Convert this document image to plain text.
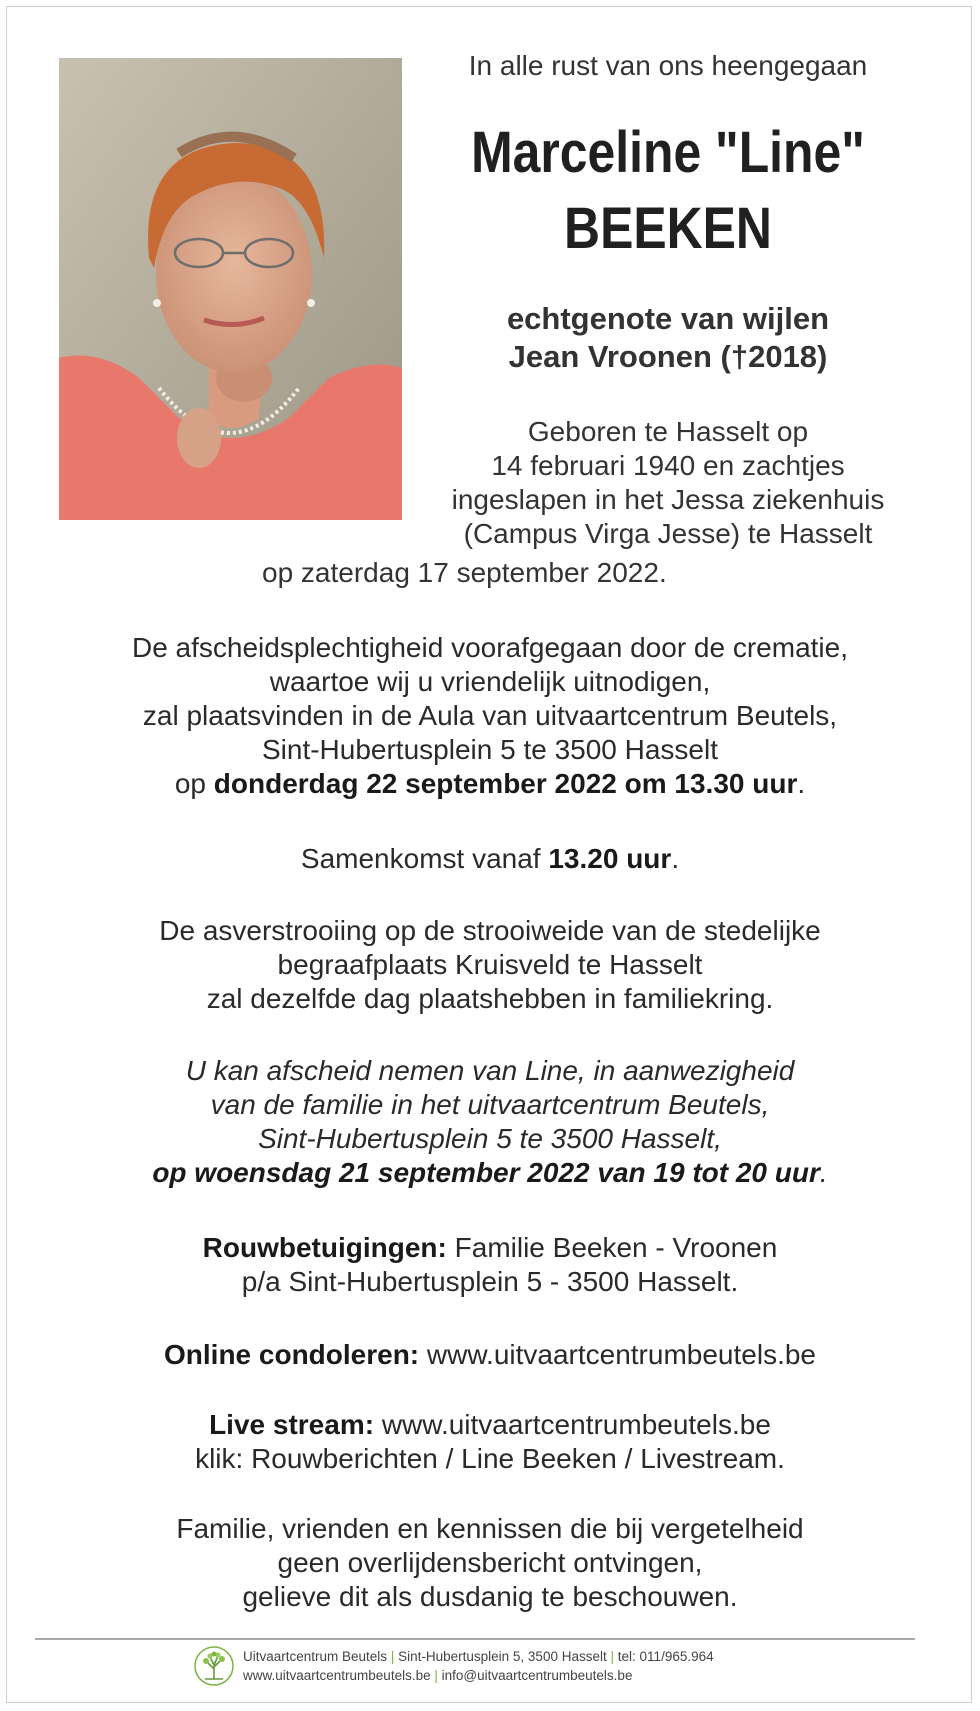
In alle rust van ons heengegaan
Marceline "Line"
BEEKEN
echtgenote van wijlen
Jean Vroonen (†2018)
Geboren te Hasselt op
14 februari 1940 en zachtjes
ingeslapen in het Jessa ziekenhuis
(Campus Virga Jesse) te Hasselt
op zaterdag 17 september 2022.
De afscheidsplechtigheid voorafgegaan door de crematie,
waartoe wij u vriendelijk uitnodigen,
zal plaatsvinden in de Aula van uitvaartcentrum Beutels,
Sint-Hubertusplein 5 te 3500 Hasselt
op donderdag 22 september 2022 om 13.30 uur.
Samenkomst vanaf 13.20 uur.
De asverstrooiing op de strooiweide van de stedelijke
begraafplaats Kruisveld te Hasselt
zal dezelfde dag plaatshebben in familiekring.
U kan afscheid nemen van Line, in aanwezigheid
van de familie in het uitvaartcentrum Beutels,
Sint-Hubertusplein 5 te 3500 Hasselt,
op woensdag 21 september 2022 van 19 tot 20 uur.
Rouwbetuigingen: Familie Beeken - Vroonen
p/a Sint-Hubertusplein 5 - 3500 Hasselt.
Online condoleren: www.uitvaartcentrumbeutels.be
Live stream: www.uitvaartcentrumbeutels.be
klik: Rouwberichten / Line Beeken / Livestream.
Familie, vrienden en kennissen die bij vergetelheid
geen overlijdensbericht ontvingen,
gelieve dit als dusdanig te beschouwen.
Uitvaartcentrum Beutels | Sint-Hubertusplein 5, 3500 Hasselt | tel: 011/965.964
www.uitvaartcentrumbeutels.be | info@uitvaartcentrumbeutels.be
